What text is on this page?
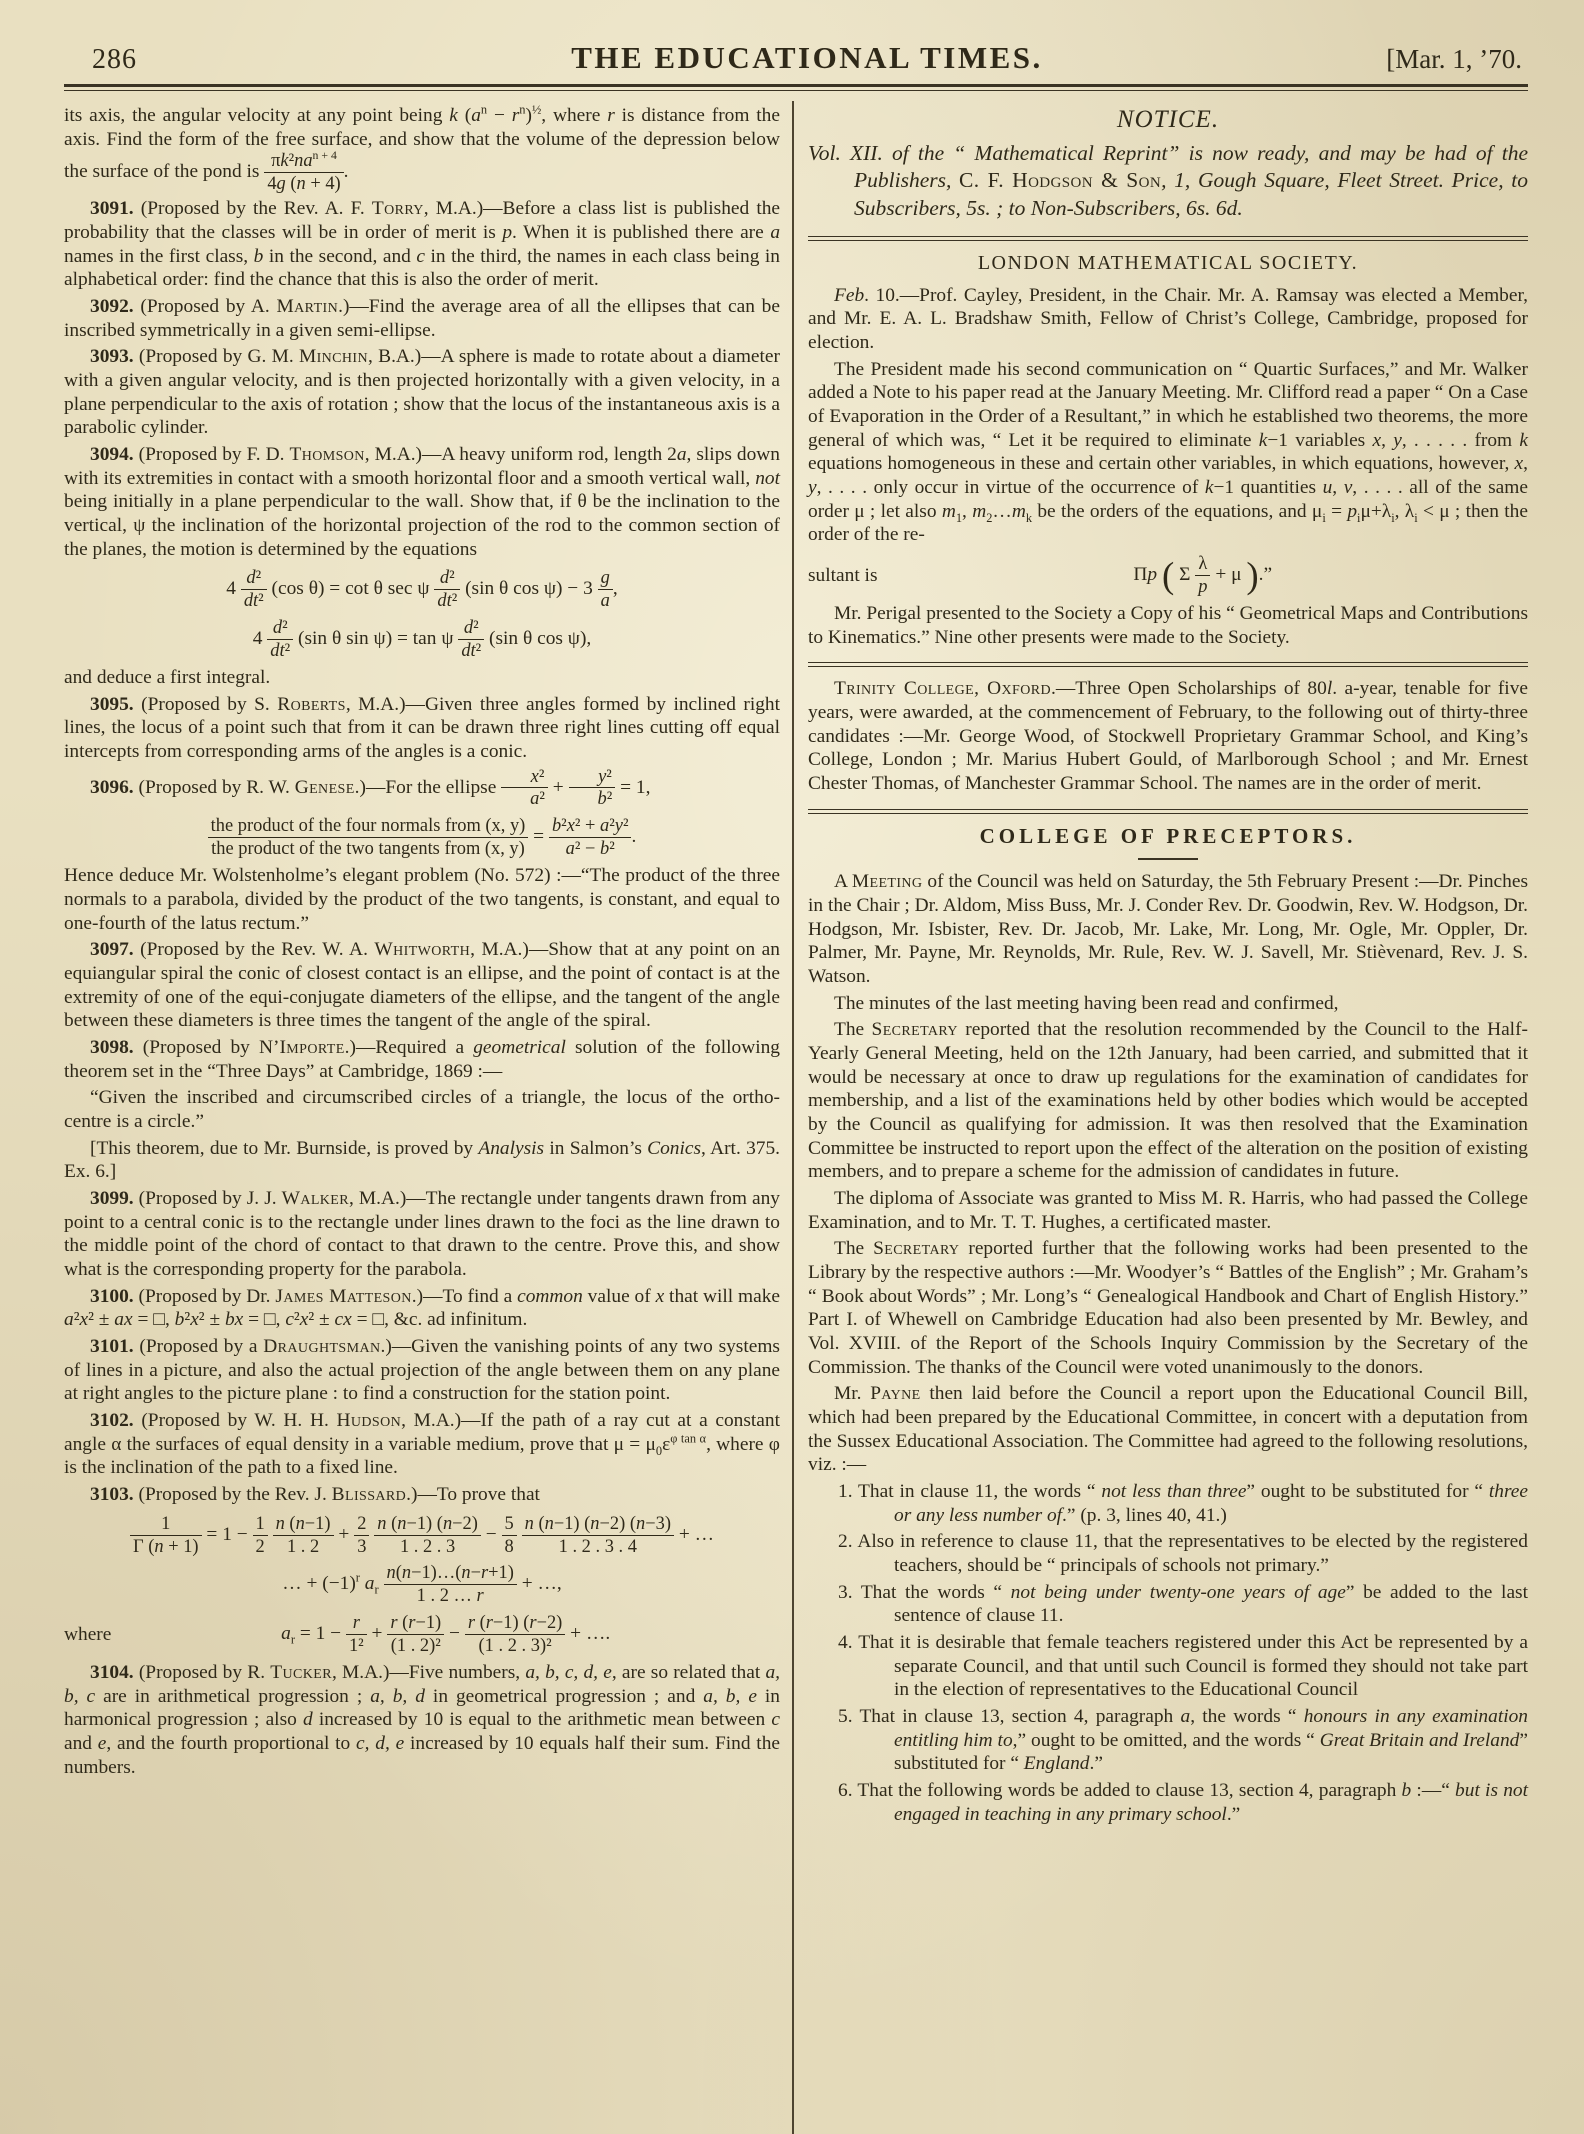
286	THE EDUCATIONAL TIMES.	[Mar. 1, ’70.

its axis, the angular velocity at any point being k $(a^n - r^n)^{\frac{1}{2}}$, where r is distance from the axis. Find the form of the free surface, and show that the volume of the depression below the surface of the pond is $\frac{\pi k^2na^{n + 4}}{4g (n + 4)}$ .

3091. (Proposed by the Rev. A. F. Torry, M.A.)—Before a class list is published the probability that the classes will be in order of merit is p. When it is published there are a names in the first class, b in the second, and c in the third, the names in each class being in alphabetical order: find the chance that this is also the order of merit.

3092. (Proposed by A. Martin.)—Find the average area of all the ellipses that can be inscribed symmetrically in a given semi-ellipse.

3093. (Proposed by G. M. Minchin, B.A.)—A sphere is made to rotate about a diameter with a given angular velocity, and is then projected horizontally with a given velocity, in a plane perpendicular to the axis of rotation ; show that the locus of the instantaneous axis is a parabolic cylinder.

3094. (Proposed by F. D. Thomson, M.A.)—A heavy uniform rod, length 2a, slips down with its extremities in contact with a smooth horizontal floor and a smooth vertical wall, not being initially in a plane perpendicular to the wall. Show that, if θ be the inclination to the vertical, ψ the inclination of the horizontal projection of the rod to the common section of the planes, the motion is determined by the equations

$4 \frac{\text{d²}}{\text{dt²}} (\cos$ θ) = cot θ sec ψ $\frac{\text{d²}}{\text{dt²}} (\sin$ θ $\cos \psi) - 3 \frac{g}{a}$ ,
$4 \frac{\text{d²}}{\text{dt²}} (\sin$ θ sin ψ) = tan ψ $\frac{\text{d²}}{\text{dt²}} (\sin$ θ cos ψ),

and deduce a first integral.

3095. (Proposed by S. Roberts, M.A.)—Given three angles formed by inclined right lines, the locus of a point such that from it can be drawn three right lines cutting off equal intercepts from corresponding arms of the angles is a conic.

3096. (Proposed by R. W. Genese.)—For the ellipse $\frac{\text{x²}}{\text{a²}} + \frac{\text{y²}}{\text{b²}} = 1$,

$\frac{\text{the product of the four normals from (x, y)}}{\text{the product of the two tangents from (x, y)}} = \frac{\text{b²x² + a²y²}}{\text{a² − b²}}$ .

Hence deduce Mr. Wolstenholme’s elegant problem (No. 572) :—“The product of the three normals to a parabola, divided by the product of the two tangents, is constant, and equal to one-fourth of the latus rectum.”

3097. (Proposed by the Rev. W. A. Whitworth, M.A.)—Show that at any point on an equiangular spiral the conic of closest contact is an ellipse, and the point of contact is at the extremity of one of the equi-conjugate diameters of the ellipse, and the tangent of the angle between these diameters is three times the tangent of the angle of the spiral.

3098. (Proposed by N’Importe.)—Required a geometrical solution of the following theorem set in the “Three Days” at Cambridge, 1869 :—

“Given the inscribed and circumscribed circles of a triangle, the locus of the ortho-centre is a circle.”

[This theorem, due to Mr. Burnside, is proved by Analysis in Salmon’s Conics, Art. 375. Ex. 6.]

3099. (Proposed by J. J. Walker, M.A.)—The rectangle under tangents drawn from any point to a central conic is to the rectangle under lines drawn to the foci as the line drawn to the middle point of the chord of contact to that drawn to the centre. Prove this, and show what is the corresponding property for the parabola.

3100. (Proposed by Dr. James Matteson.)—To find a common value of x that will make a²x² ± ax = □, b²x² ± bx = □, c²x² ± cx = □, &c. ad infinitum.

3101. (Proposed by a Draughtsman.)—Given the vanishing points of any two systems of lines in a picture, and also the actual projection of the angle between them on any plane at right angles to the picture plane : to find a construction for the station point.

3102. (Proposed by W. H. H. Hudson, M.A.)—If the path of a ray cut at a constant angle α the surfaces of equal density in a variable medium, prove that $\mu = \mu_0\varepsilon^{\varphi tan \alpha}$, where φ is the inclination of the path to a fixed line.

3103. (Proposed by the Rev. J. Blissard.)—To prove that

$\frac{1}{\Gamma (n + 1)} = 1 - \frac{1}{2}$
$\frac{n (n-1)}{1 . 2} + \frac{2}{3}$
$\frac{n (n-1) (n-2)}{1 . 2 . 3} - \frac{5}{8}$
$\frac{n (n-1) (n-2) (n-3)}{1 . 2 . 3 . 4}$ + …
… + $(-1)^r$ $a_r \frac{n(n-1)\dots(n-r+1)}{1 . 2 \dots r}$ + …,
where	$a_r = 1 - \frac{r}{\text{1²}} + \frac{r (r-1)}{\text{(1 . 2)²}} - \frac{r (r-1) (r-2)}{\text{(1 . 2 . 3)²}}$ + ….

3104. (Proposed by R. Tucker, M.A.)—Five numbers, a, b, c, d, e, are so related that a, b, c are in arithmetical progression ; a, b, d in geometrical progression ; and a, b, e in harmonical progression ; also d increased by 10 is equal to the arithmetic mean between c and e, and the fourth proportional to c, d, e increased by 10 equals half their sum. Find the numbers.

NOTICE.

Vol. XII. of the “ Mathematical Reprint” is now ready, and may be had of the Publishers, C. F. Hodgson & Son, 1, Gough Square, Fleet Street. Price, to Subscribers, 5s. ; to Non-Subscribers, 6s. 6d.

LONDON MATHEMATICAL SOCIETY.

Feb. 10.—Prof. Cayley, President, in the Chair. Mr. A. Ramsay was elected a Member, and Mr. E. A. L. Bradshaw Smith, Fellow of Christ’s College, Cambridge, proposed for election.

The President made his second communication on “ Quartic Surfaces,” and Mr. Walker added a Note to his paper read at the January Meeting. Mr. Clifford read a paper “ On a Case of Evaporation in the Order of a Resultant,” in which he established two theorems, the more general of which was, “ Let it be required to eliminate k−1 variables x, y, . . . . . from k equations homogeneous in these and certain other variables, in which equations, however, x, y, . . . . only occur in virtue of the occurrence of k−1 quantities u, v, . . . . all of the same order μ ; let also $m_1$, $m_2\dots m_k$ be the orders of the equations, and $\mu_i = p_i\mu+\lambda_i$, $\lambda_i < \mu$ ; then the order of the re-

sultant is	Πp ( Σ $\frac{\lambda}{p} + \mu$ ).”

Mr. Perigal presented to the Society a Copy of his “ Geometrical Maps and Contributions to Kinematics.” Nine other presents were made to the Society.

Trinity College, Oxford.—Three Open Scholarships of 80l. a-year, tenable for five years, were awarded, at the commencement of February, to the following out of thirty-three candidates :—Mr. George Wood, of Stockwell Proprietary Grammar School, and King’s College, London ; Mr. Marius Hubert Gould, of Marlborough School ; and Mr. Ernest Chester Thomas, of Manchester Grammar School. The names are in the order of merit.

COLLEGE OF PRECEPTORS.

A Meeting of the Council was held on Saturday, the 5th February Present :—Dr. Pinches in the Chair ; Dr. Aldom, Miss Buss, Mr. J. Conder Rev. Dr. Goodwin, Rev. W. Hodgson, Dr. Hodgson, Mr. Isbister, Rev. Dr. Jacob, Mr. Lake, Mr. Long, Mr. Ogle, Mr. Oppler, Dr. Palmer, Mr. Payne, Mr. Reynolds, Mr. Rule, Rev. W. J. Savell, Mr. Stièvenard, Rev. J. S. Watson.

The minutes of the last meeting having been read and confirmed,

The Secretary reported that the resolution recommended by the Council to the Half-Yearly General Meeting, held on the 12th January, had been carried, and submitted that it would be necessary at once to draw up regulations for the examination of candidates for membership, and a list of the examinations held by other bodies which would be accepted by the Council as qualifying for admission. It was then resolved that the Examination Committee be instructed to report upon the effect of the alteration on the position of existing members, and to prepare a scheme for the admission of candidates in future.

The diploma of Associate was granted to Miss M. R. Harris, who had passed the College Examination, and to Mr. T. T. Hughes, a certificated master.

The Secretary reported further that the following works had been presented to the Library by the respective authors :—Mr. Woodyer’s “ Battles of the English” ; Mr. Graham’s “ Book about Words” ; Mr. Long’s “ Genealogical Handbook and Chart of English History.” Part I. of Whewell on Cambridge Education had also been presented by Mr. Bewley, and Vol. XVIII. of the Report of the Schools Inquiry Commission by the Secretary of the Commission. The thanks of the Council were voted unanimously to the donors.

Mr. Payne then laid before the Council a report upon the Educational Council Bill, which had been prepared by the Educational Committee, in concert with a deputation from the Sussex Educational Association. The Committee had agreed to the following resolutions, viz. :—

1. That in clause 11, the words “ not less than three” ought to be substituted for “ three or any less number of.” (p. 3, lines 40, 41.)
2. Also in reference to clause 11, that the representatives to be elected by the registered teachers, should be “ principals of schools not primary.”
3. That the words “ not being under twenty-one years of age” be added to the last sentence of clause 11.
4. That it is desirable that female teachers registered under this Act be represented by a separate Council, and that until such Council is formed they should not take part in the election of representatives to the Educational Council
5. That in clause 13, section 4, paragraph a, the words “ honours in any examination entitling him to,” ought to be omitted, and the words “ Great Britain and Ireland” substituted for “ England.”
6. That the following words be added to clause 13, section 4, paragraph b :—“ but is not engaged in teaching in any primary school.”
